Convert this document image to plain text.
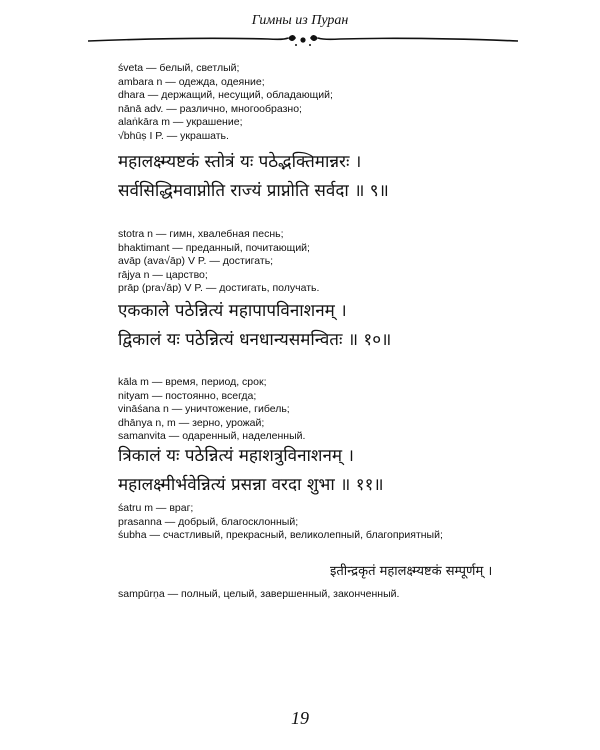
Гимны из Пуран
śveta — белый, светлый;
ambara n — одежда, одеяние;
dhara — держащий, несущий, обладающий;
nānā adv. — различно, многообразно;
alaṅkāra m — украшение;
√bhūṣ I P. — украшать.

महालक्ष्म्यष्टकं स्तोत्रं यः पठेद्भक्तिमान्नरः ।

सर्वसिद्धिमवाप्नोति राज्यं प्राप्नोति सर्वदा ॥ ९॥

stotra n — гимн, хвалебная песнь;
bhaktimant — преданный, почитающий;
avāp (ava√āp) V P. — достигать;
rājya n — царство;
prāp (pra√āp) V P. — достигать, получать.

एककाले पठेन्नित्यं महापापविनाशनम् ।

द्विकालं यः पठेन्नित्यं धनधान्यसमन्वितः ॥ १०॥

kāla m — время, период, срок;
nityam — постоянно, всегда;
vināśana n — уничтожение, гибель;
dhānya n, m — зерно, урожай;
samanvita — одаренный, наделенный.

त्रिकालं यः पठेन्नित्यं महाशत्रुविनाशनम् ।

महालक्ष्मीर्भवेन्नित्यं प्रसन्ना वरदा शुभा ॥ ११॥

śatru m — враг;
prasanna — добрый, благосклонный;
śubha — счастливый, прекрасный, великолепный, благоприятный;
इतीन्द्रकृतं महालक्ष्म्यष्टकं सम्पूर्णम् ।
sampūrṇa — полный, целый, завершенный, законченный.
19
